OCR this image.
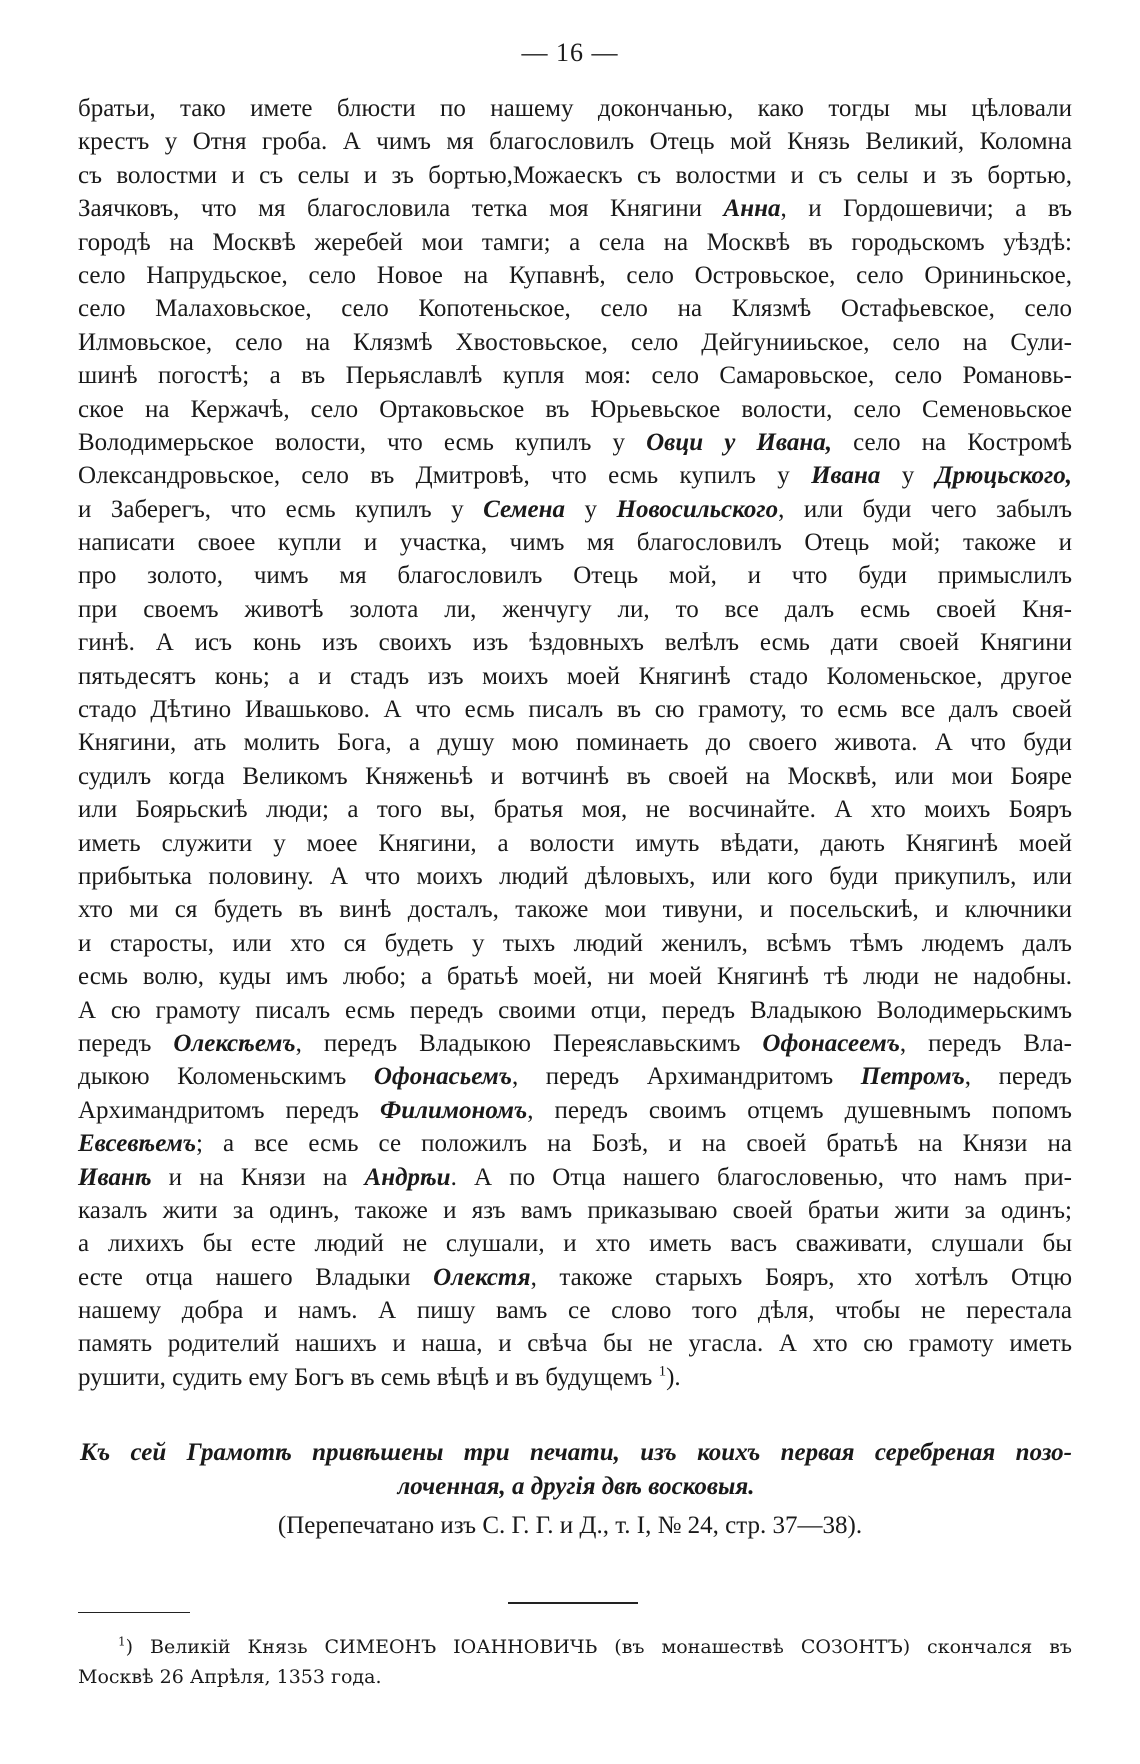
— 16 —
братьи, тако имете блюсти по нашему докончанью, како тогды мы цѣловали
крестъ у Отня гроба. А чимъ мя благословилъ Отець мой Князь Великий, Коломна
съ волостми и съ селы и зъ бортью,Можаескъ съ волостми и съ селы и зъ бортью,
Заячковъ, что мя благословила тетка моя Княгини Анна, и Гордошевичи; а въ
городѣ на Москвѣ жеребей мои тамги; а села на Москвѣ въ городьскомъ уѣздѣ:
село Напрудьское, село Новое на Купавнѣ, село Островьское, село Орининьское,
село Малаховьское, село Копотеньское, село на Клязмѣ Остафьевское, село
Илмовьское, село на Клязмѣ Хвостовьское, село Дейгунииьское, село на Сули-
шинѣ погостѣ; а въ Перьяславлѣ купля моя: село Самаровьское, село Романовь-
ское на Кержачѣ, село Ортаковьское въ Юрьевьское волости, село Семеновьское
Володимерьское волости, что есмь купилъ у Овци у Ивана, село на Костромѣ
Олександровьское, село въ Дмитровѣ, что есмь купилъ у Ивана у Дрюцьского,
и Заберегъ, что есмь купилъ у Семена у Новосильского, или буди чего забылъ
написати своее купли и участка, чимъ мя благословилъ Отець мой; такоже и
про золото, чимъ мя благословилъ Отець мой, и что буди примыслилъ
при своемъ животѣ золота ли, женчугу ли, то все далъ есмь своей Кня-
гинѣ. А исъ конь изъ своихъ изъ ѣздовныхъ велѣлъ есмь дати своей Княгини
пятьдесятъ конь; а и стадъ изъ моихъ моей Княгинѣ стадо Коломеньское, другое
стадо Дѣтино Ивашьково. А что есмь писалъ въ сю грамоту, то есмь все далъ своей
Княгини, ать молить Бога, а душу мою поминаеть до своего живота. А что буди
судилъ когда Великомъ Княженьѣ и вотчинѣ въ своей на Москвѣ, или мои Бояре
или Боярьскиѣ люди; а того вы, братья моя, не восчинайте. А хто моихъ Бояръ
иметь служити у моее Княгини, а волости имуть вѣдати, дають Княгинѣ моей
прибытька половину. А что моихъ людий дѣловыхъ, или кого буди прикупилъ, или
хто ми ся будеть въ винѣ досталъ, такоже мои тивуни, и посельскиѣ, и ключники
и старосты, или хто ся будеть у тыхъ людий женилъ, всѣмъ тѣмъ людемъ далъ
есмь волю, куды имъ любо; а братьѣ моей, ни моей Княгинѣ тѣ люди не надобны.
А сю грамоту писалъ есмь передъ своими отци, передъ Владыкою Володимерьскимъ
передъ Олексѣемъ, передъ Владыкою Переяславьскимъ Офонасеемъ, передъ Вла-
дыкою Коломеньскимъ Офонасьемъ, передъ Архимандритомъ Петромъ, передъ
Архимандритомъ передъ Филимономъ, передъ своимъ отцемъ душевнымъ попомъ
Евсевѣемъ; а все есмь се положилъ на Бозѣ, и на своей братьѣ на Князи на
Иванѣ и на Князи на Андрѣи. А по Отца нашего благословенью, что намъ при-
казалъ жити за одинъ, такоже и язъ вамъ приказываю своей братьи жити за одинъ;
а лихихъ бы есте людий не слушали, и хто иметь васъ сваживати, слушали бы
есте отца нашего Владыки Олекстя, такоже старыхъ Бояръ, хто хотѣлъ Отцю
нашему добра и намъ. А пишу вамъ се слово того дѣля, чтобы не перестала
память родителий нашихъ и наша, и свѣча бы не угасла. А хто сю грамоту иметь
рушити, судить ему Богъ въ семь вѣцѣ и въ будущемъ $^1$).
Къ сей Грамотѣ привѣшены три печати, изъ коихъ первая серебреная позо-
лоченная, а другія двѣ восковыя.
(Перепечатано изъ С. Г. Г. и Д., т. I, № 24, стр. 37—38).
$^1$) Великій Князь СИМЕОНЪ ІОАННОВИЧЬ (въ монашествѣ СОЗОНТЪ) скончался въ
Москвѣ 26 Апрѣля, 1353 года.
